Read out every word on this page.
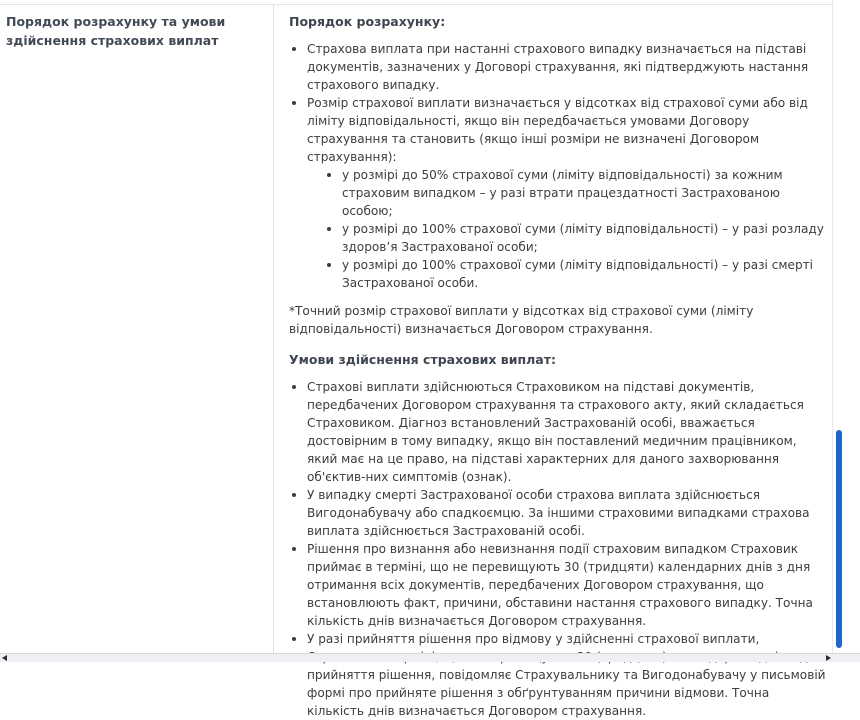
Порядок розрахунку та умови здійснення страхових виплат

Порядок розрахунку:

Страхова виплата при настанні страхового випадку визначається на підставі документів, зазначених у Договорі страхування, які підтверджують настання страхового випадку.
Розмір страхової виплати визначається у відсотках від страхової суми або від ліміту відповідальності, якщо він передбачається умовами Договору страхування та становить (якщо інші розміри не визначені Договором страхування):
у розмірі до 50% страхової суми (ліміту відповідальності) за кожним страховим випадком – у разі втрати працездатності Застрахованою особою;
у розмірі до 100% страхової суми (ліміту відповідальності) – у разі розладу здоров’я Застрахованої особи;
у розмірі до 100% страхової суми (ліміту відповідальності) – у разі смерті Застрахованої особи.

*Точний розмір страхової виплати у відсотках від страхової суми (ліміту відповідальності) визначається Договором страхування.

Умови здійснення страхових виплат:

Страхові виплати здійснюються Страховиком на підставі документів, передбачених Договором страхування та страхового акту, який складається Страховиком. Діагноз встановлений Застрахованій особі, вважається достовірним в тому випадку, якщо він поставлений медичним працівником, який має на це право, на підставі характерних для даного захворювання об'єктив-них симптомів (ознак).
У випадку смерті Застрахованої особи страхова виплата здійснюється Вигодонабувачу або спадкоємцю. За іншими страховими випадками страхова виплата здійснюється Застрахованій особі.
Рішення про визнання або невизнання події страховим випадком Страховик приймає в терміні, що не перевищують 30 (тридцяти) календарних днів з дня отримання всіх документів, передбачених Договором страхування, що встановлюють факт, причини, обставини настання страхового випадку. Точна кількість днів визначається Договором страхування.
У разі прийняття рішення про відмову у здійсненні страхової виплати, прийняття рішення, повідомляє Страхувальнику та Вигодонабувачу у письмовій формі про прийняте рішення з обґрунтуванням причини відмови. Точна кількість днів визначається Договором страхування.
